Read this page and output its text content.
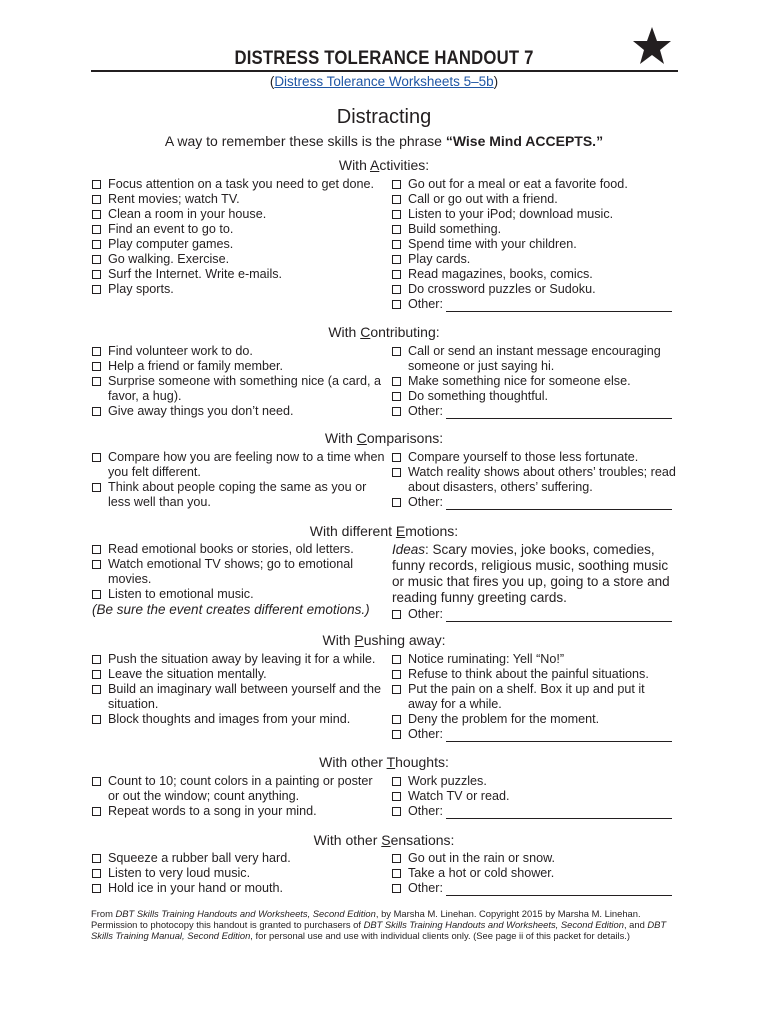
DISTRESS TOLERANCE HANDOUT 7
(Distress Tolerance Worksheets 5–5b)
Distracting
A way to remember these skills is the phrase “Wise Mind ACCEPTS.”
With Activities:
Focus attention on a task you need to get done.
Rent movies; watch TV.
Clean a room in your house.
Find an event to go to.
Play computer games.
Go walking. Exercise.
Surf the Internet. Write e-mails.
Play sports.
Go out for a meal or eat a favorite food.
Call or go out with a friend.
Listen to your iPod; download music.
Build something.
Spend time with your children.
Play cards.
Read magazines, books, comics.
Do crossword puzzles or Sudoku.
Other:
With Contributing:
Find volunteer work to do.
Help a friend or family member.
Surprise someone with something nice (a card, a favor, a hug).
Give away things you don’t need.
Call or send an instant message encouraging someone or just saying hi.
Make something nice for someone else.
Do something thoughtful.
Other:
With Comparisons:
Compare how you are feeling now to a time when you felt different.
Think about people coping the same as you or less well than you.
Compare yourself to those less fortunate.
Watch reality shows about others’ troubles; read about disasters, others’ suffering.
Other:
With different Emotions:
Read emotional books or stories, old letters.
Watch emotional TV shows; go to emotional movies.
Listen to emotional music.
(Be sure the event creates different emotions.)
Ideas: Scary movies, joke books, comedies, funny records, religious music, soothing music or music that fires you up, going to a store and reading funny greeting cards.
Other:
With Pushing away:
Push the situation away by leaving it for a while.
Leave the situation mentally.
Build an imaginary wall between yourself and the situation.
Block thoughts and images from your mind.
Notice ruminating: Yell “No!”
Refuse to think about the painful situations.
Put the pain on a shelf. Box it up and put it away for a while.
Deny the problem for the moment.
Other:
With other Thoughts:
Count to 10; count colors in a painting or poster or out the window; count anything.
Repeat words to a song in your mind.
Work puzzles.
Watch TV or read.
Other:
With other Sensations:
Squeeze a rubber ball very hard.
Listen to very loud music.
Hold ice in your hand or mouth.
Go out in the rain or snow.
Take a hot or cold shower.
Other:
From DBT Skills Training Handouts and Worksheets, Second Edition, by Marsha M. Linehan. Copyright 2015 by Marsha M. Linehan. Permission to photocopy this handout is granted to purchasers of DBT Skills Training Handouts and Worksheets, Second Edition, and DBT Skills Training Manual, Second Edition, for personal use and use with individual clients only. (See page ii of this packet for details.)
